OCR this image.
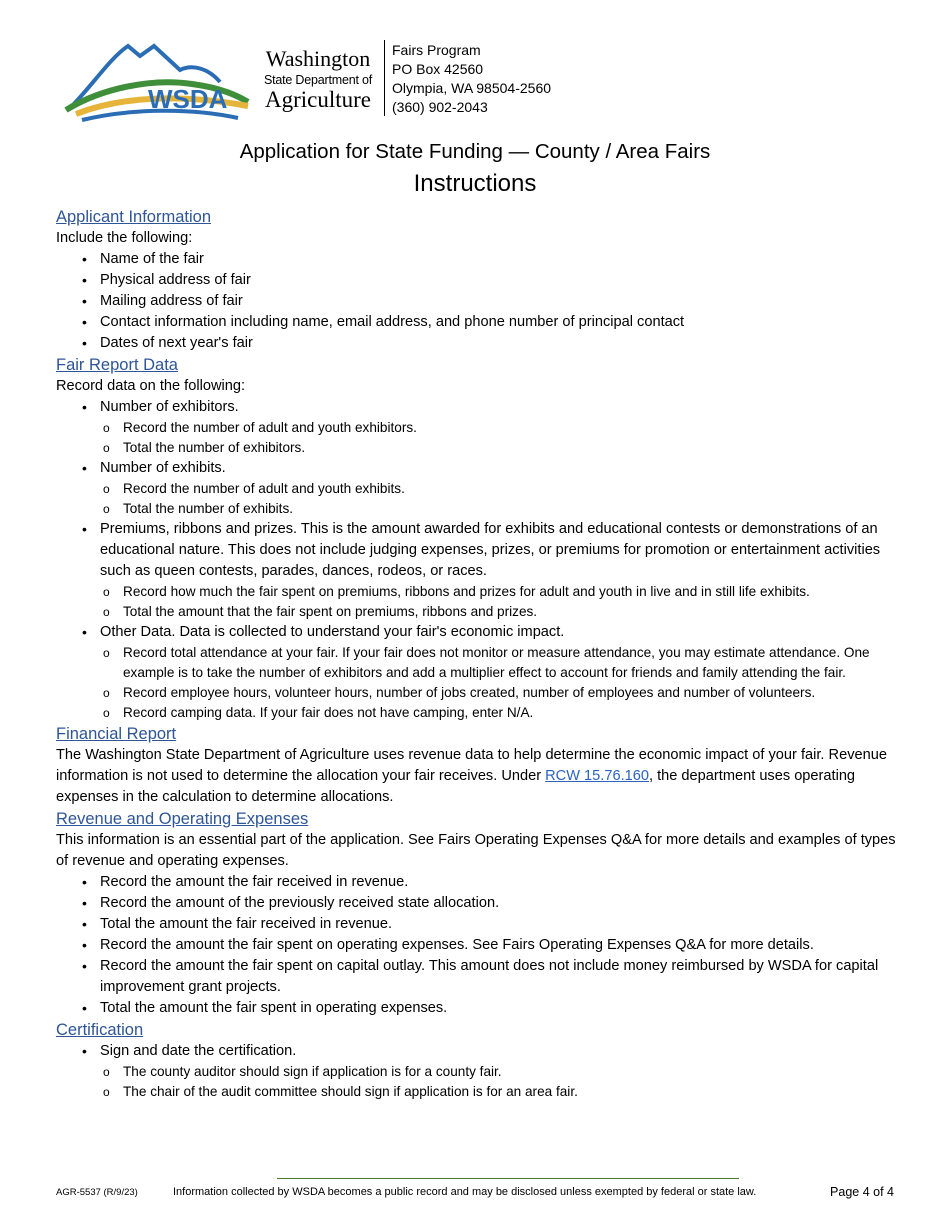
WSDA
Washington
State Department of
Agriculture
Fairs Program
PO Box 42560
Olympia, WA 98504-2560
(360) 902-2043
Application for State Funding — County / Area Fairs
Instructions
Applicant Information

Include the following:

• Name of the fair
• Physical address of fair
• Mailing address of fair
• Contact information including name, email address, and phone number of principal contact
• Dates of next year's fair
Fair Report Data

Record data on the following:

• Number of exhibitors.
o Record the number of adult and youth exhibitors.
o Total the number of exhibitors.
• Number of exhibits.
o Record the number of adult and youth exhibits.
o Total the number of exhibits.
• Premiums, ribbons and prizes. This is the amount awarded for exhibits and educational contests or demonstrations of an educational nature. This does not include judging expenses, prizes, or premiums for promotion or entertainment activities such as queen contests, parades, dances, rodeos, or races.
o Record how much the fair spent on premiums, ribbons and prizes for adult and youth in live and in still life exhibits.
o Total the amount that the fair spent on premiums, ribbons and prizes.
• Other Data. Data is collected to understand your fair's economic impact.
o Record total attendance at your fair. If your fair does not monitor or measure attendance, you may estimate attendance. One example is to take the number of exhibitors and add a multiplier effect to account for friends and family attending the fair.
o Record employee hours, volunteer hours, number of jobs created, number of employees and number of volunteers.
o Record camping data. If your fair does not have camping, enter N/A.
Financial Report

The Washington State Department of Agriculture uses revenue data to help determine the economic impact of your fair. Revenue information is not used to determine the allocation your fair receives. Under RCW 15.76.160, the department uses operating expenses in the calculation to determine allocations.

Revenue and Operating Expenses

This information is an essential part of the application. See Fairs Operating Expenses Q&A for more details and examples of types of revenue and operating expenses.

• Record the amount the fair received in revenue.
• Record the amount of the previously received state allocation.
• Total the amount the fair received in revenue.
• Record the amount the fair spent on operating expenses. See Fairs Operating Expenses Q&A for more details.
• Record the amount the fair spent on capital outlay. This amount does not include money reimbursed by WSDA for capital improvement grant projects.
• Total the amount the fair spent in operating expenses.
Certification
• Sign and date the certification.
o The county auditor should sign if application is for a county fair.
o The chair of the audit committee should sign if application is for an area fair.
AGR-5537 (R/9/23)	Information collected by WSDA becomes a public record and may be disclosed unless exempted by federal or state law.	Page 4 of 4
